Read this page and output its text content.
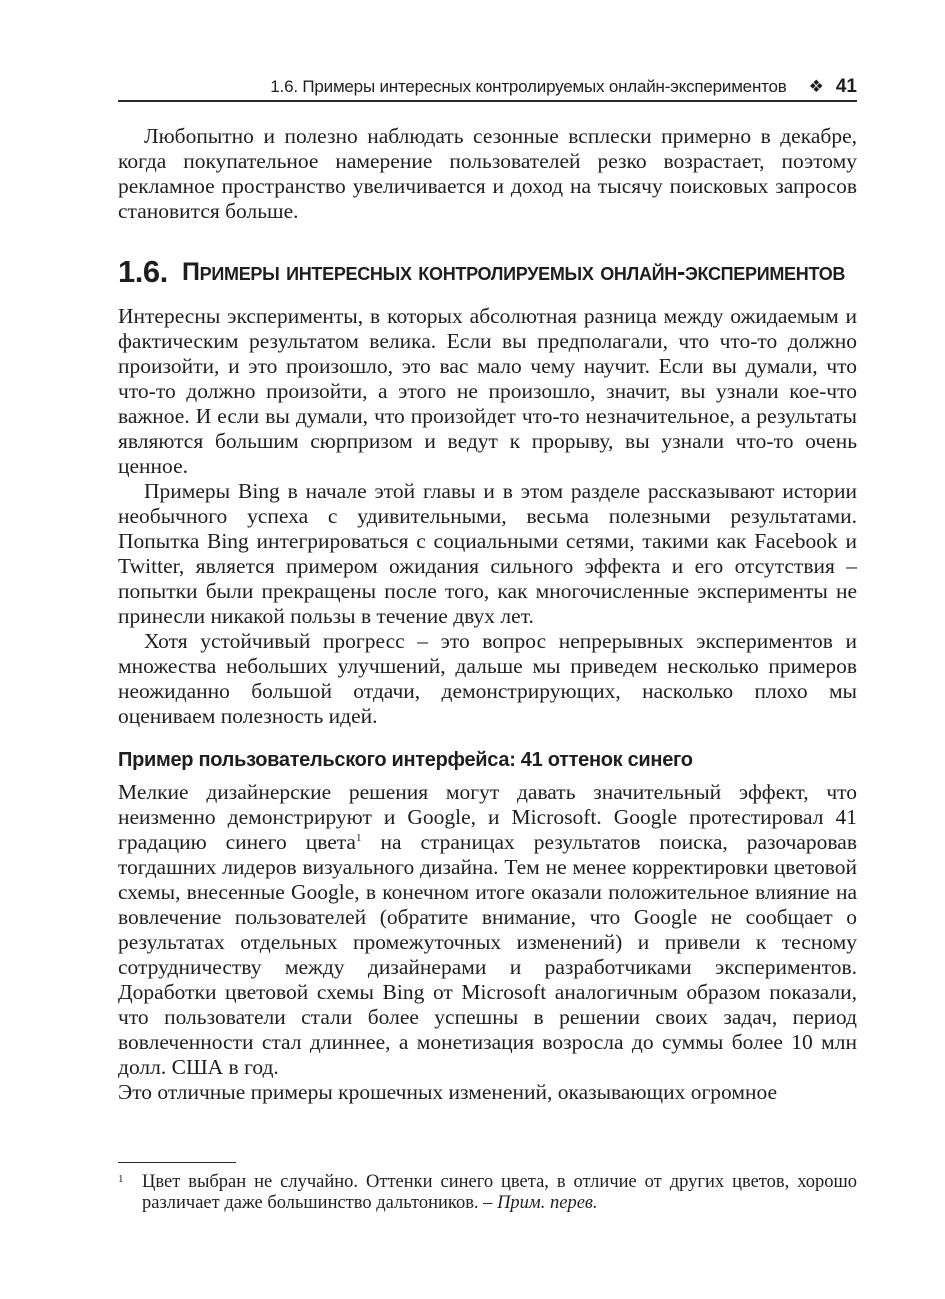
1.6. Примеры интересных контролируемых онлайн-экспериментов ❖ 41

Любопытно и полезно наблюдать сезонные всплески примерно в декабре, когда покупательное намерение пользователей резко возрастает, поэтому рекламное пространство увеличивается и доход на тысячу поисковых запросов становится больше.

1.6. Примеры интересных контролируемых онлайн-экспериментов

Интересны эксперименты, в которых абсолютная разница между ожидаемым и фактическим результатом велика. Если вы предполагали, что что-то должно произойти, и это произошло, это вас мало чему научит. Если вы думали, что что-то должно произойти, а этого не произошло, значит, вы узнали кое-что важное. И если вы думали, что произойдет что-то незначительное, а результаты являются большим сюрпризом и ведут к прорыву, вы узнали что-то очень ценное.

Примеры Bing в начале этой главы и в этом разделе рассказывают истории необычного успеха с удивительными, весьма полезными результатами. Попытка Bing интегрироваться с социальными сетями, такими как Facebook и Twitter, является примером ожидания сильного эффекта и его отсутствия – попытки были прекращены после того, как многочисленные эксперименты не принесли никакой пользы в течение двух лет.

Хотя устойчивый прогресс – это вопрос непрерывных экспериментов и множества небольших улучшений, дальше мы приведем несколько примеров неожиданно большой отдачи, демонстрирующих, насколько плохо мы оцениваем полезность идей.

Пример пользовательского интерфейса: 41 оттенок синего

Мелкие дизайнерские решения могут давать значительный эффект, что неизменно демонстрируют и Google, и Microsoft. Google протестировал 41 градацию синего цвета$^1$ на страницах результатов поиска, разочаровав тогдашних лидеров визуального дизайна. Тем не менее корректировки цветовой схемы, внесенные Google, в конечном итоге оказали положительное влияние на вовлечение пользователей (обратите внимание, что Google не сообщает о результатах отдельных промежуточных изменений) и привели к тесному сотрудничеству между дизайнерами и разработчиками экспериментов. Доработки цветовой схемы Bing от Microsoft аналогичным образом показали, что пользователи стали более успешны в решении своих задач, период вовлеченности стал длиннее, а монетизация возросла до суммы более 10 млн долл. США в год.

Это отличные примеры крошечных изменений, оказывающих огромное

1	Цвет выбран не случайно. Оттенки синего цвета, в отличие от других цветов, хорошо различает даже большинство дальтоников. – Прим. перев.
